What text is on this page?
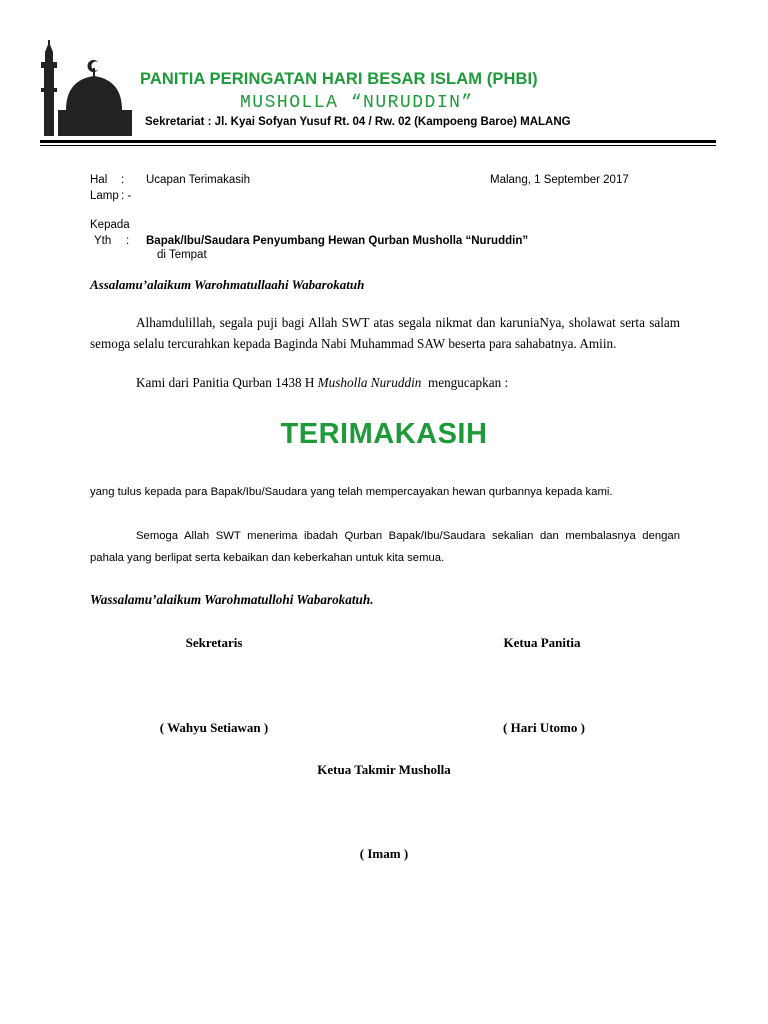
PANITIA PERINGATAN HARI BESAR ISLAM (PHBI)
MUSHOLLA “NURUDDIN”
Sekretariat : Jl. Kyai Sofyan Yusuf Rt. 04 / Rw. 02 (Kampoeng Baroe) MALANG
Hal : Ucapan Terimakasih	Malang, 1 September 2017
Lamp : -
Kepada
Yth : Bapak/Ibu/Saudara Penyumbang Hewan Qurban Musholla “Nuruddin”
di Tempat
Assalamu’alaikum Warohmatullaahi Wabarokatuh
Alhamdulillah, segala puji bagi Allah SWT atas segala nikmat dan karuniaNya, sholawat serta salam semoga selalu tercurahkan kepada Baginda Nabi Muhammad SAW beserta para sahabatnya. Amiin.
Kami dari Panitia Qurban 1438 H Musholla Nuruddin  mengucapkan :
TERIMAKASIH
yang tulus kepada para Bapak/Ibu/Saudara yang telah mempercayakan hewan qurbannya kepada kami.
Semoga Allah SWT menerima ibadah Qurban Bapak/Ibu/Saudara sekalian dan membalasnya dengan pahala yang berlipat serta kebaikan dan keberkahan untuk kita semua.
Wassalamu’alaikum Warohmatullohi Wabarokatuh.
Sekretaris	Ketua Panitia
( Wahyu Setiawan )	( Hari Utomo )
Ketua Takmir Musholla
( Imam )
